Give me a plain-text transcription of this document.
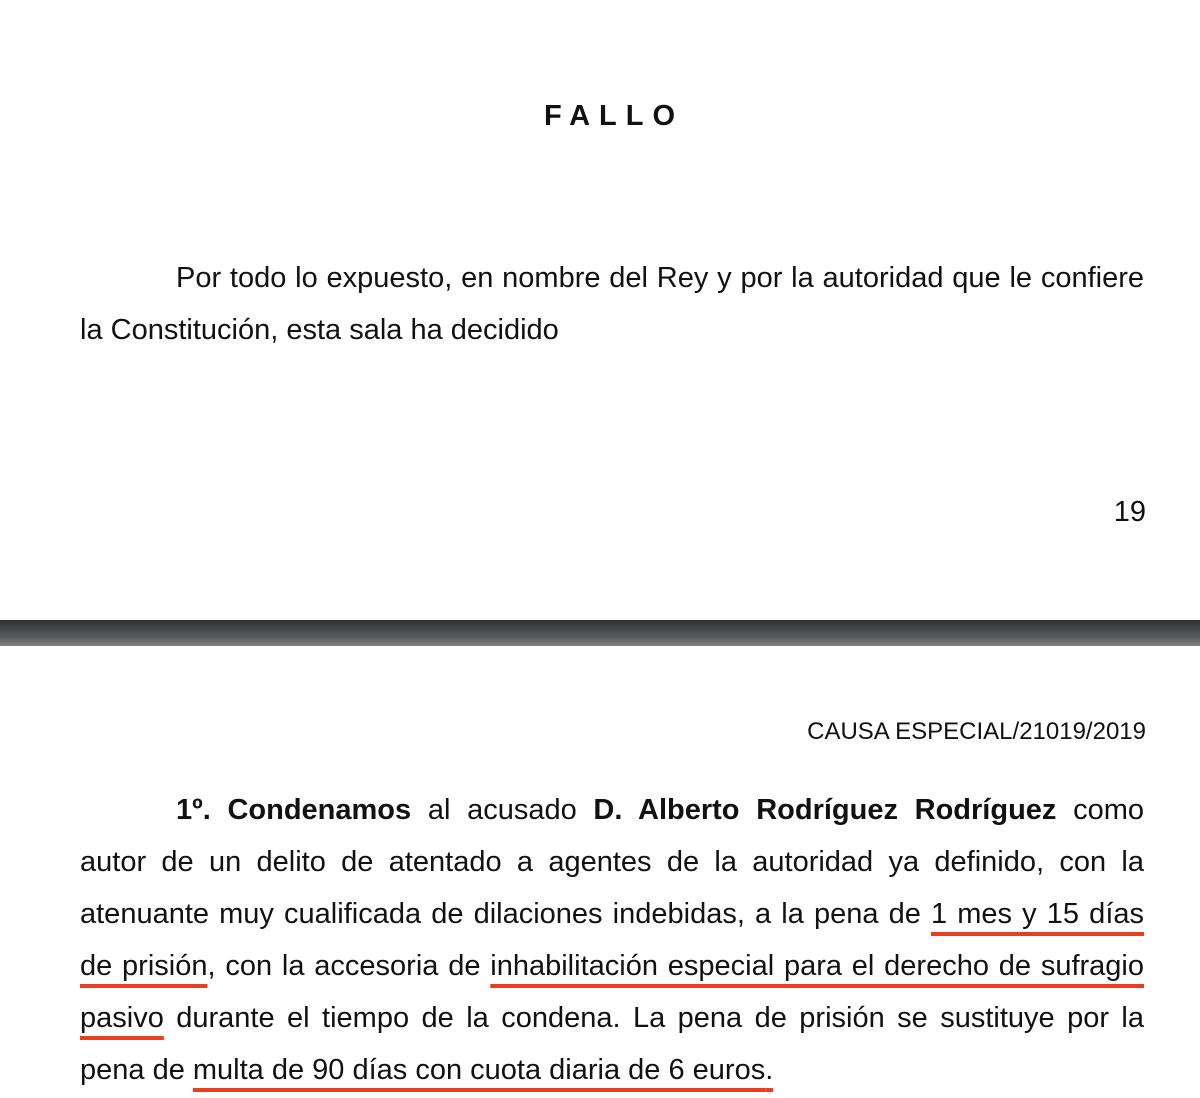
FALLO
Por todo lo expuesto, en nombre del Rey y por la autoridad que le confiere la Constitución, esta sala ha decidido
19
CAUSA ESPECIAL/21019/2019
1º. Condenamos al acusado D. Alberto Rodríguez Rodríguez como autor de un delito de atentado a agentes de la autoridad ya definido, con la atenuante muy cualificada de dilaciones indebidas, a la pena de 1 mes y 15 días de prisión, con la accesoria de inhabilitación especial para el derecho de sufragio pasivo durante el tiempo de la condena. La pena de prisión se sustituye por la pena de multa de 90 días con cuota diaria de 6 euros.
